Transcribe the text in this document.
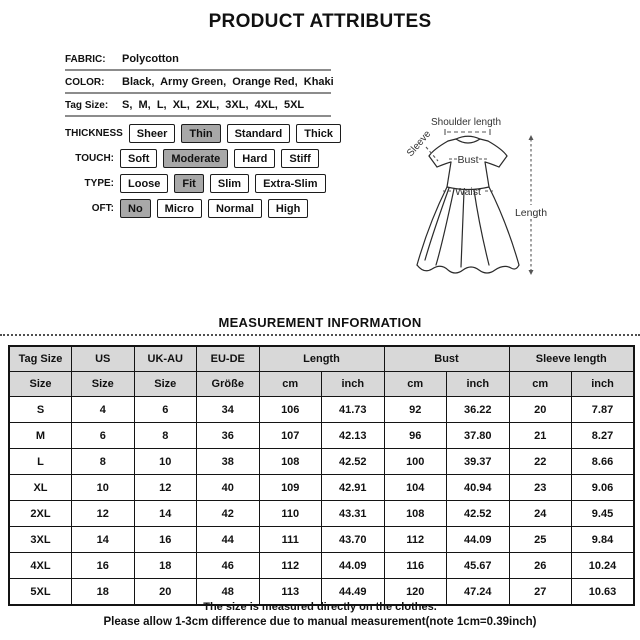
PRODUCT ATTRIBUTES
FABRIC:	Polycotton
COLOR:	Black,  Army Green,  Orange Red,  Khaki
Tag Size:	S,  M,  L,  XL,  2XL,  3XL,  4XL,  5XL
THICKNESS	Sheer	Thin	Standard	Thick
TOUCH:	Soft	Moderate	Hard	Stiff
TYPE:	Loose	Fit	Slim	Extra-Slim
OFT:	No	Micro	Normal	High
Shoulder length
Sleeve
Bust
Waist
Length
MEASUREMENT INFORMATION
Tag Size	US	UK-AU	EU-DE	Length		Bust		Sleeve length	
Size	Size	Size	Größe	cm	inch	cm	inch	cm	inch
S	4	6	34	106	41.73	92	36.22	20	7.87
M	6	8	36	107	42.13	96	37.80	21	8.27
L	8	10	38	108	42.52	100	39.37	22	8.66
XL	10	12	40	109	42.91	104	40.94	23	9.06
2XL	12	14	42	110	43.31	108	42.52	24	9.45
3XL	14	16	44	111	43.70	112	44.09	25	9.84
4XL	16	18	46	112	44.09	116	45.67	26	10.24
5XL	18	20	48	113	44.49	120	47.24	27	10.63
The size is measured directly on the clothes.
Please allow 1-3cm difference due to manual measurement(note 1cm=0.39inch)
